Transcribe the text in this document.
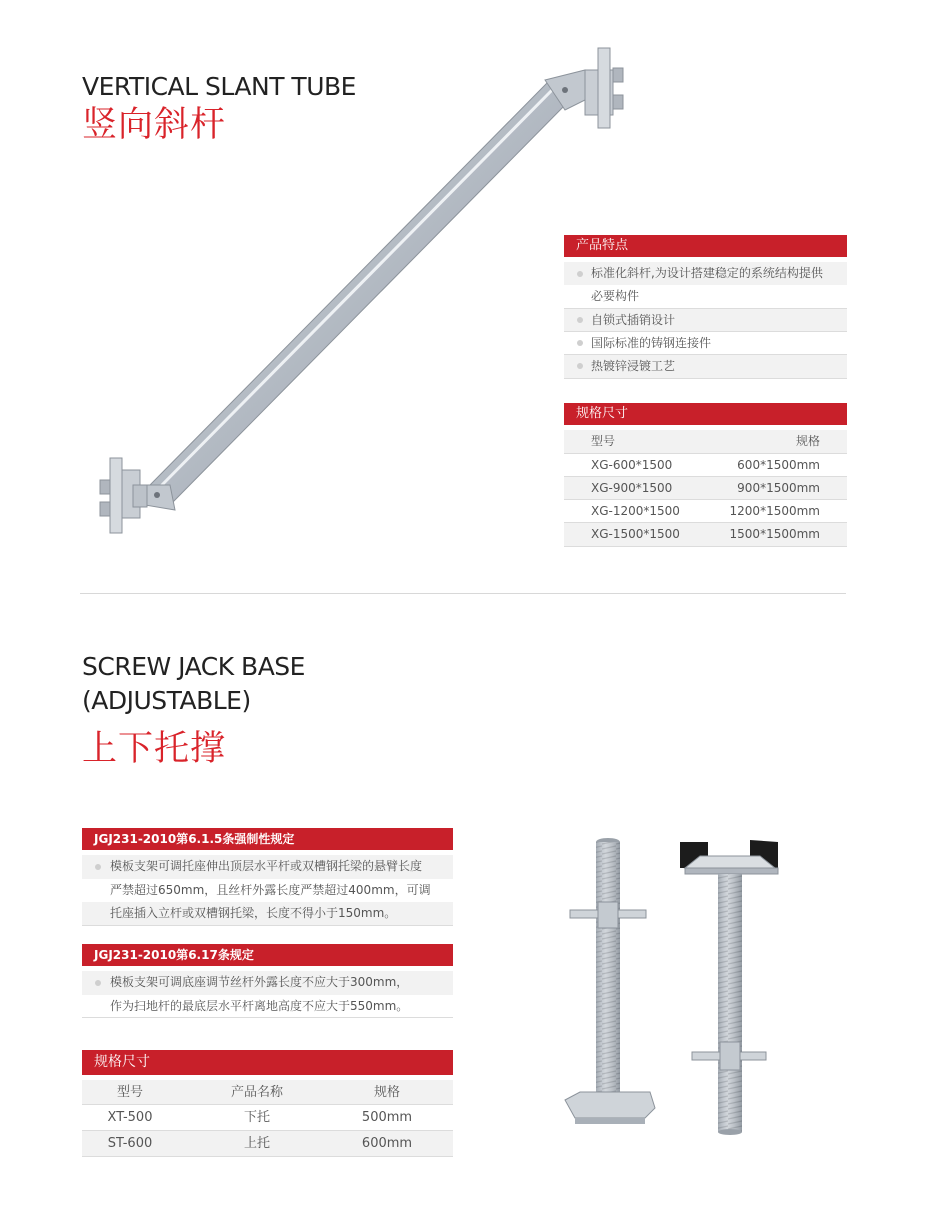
VERTICAL SLANT TUBE
竖向斜杆
产品特点
标准化斜杆,为设计搭建稳定的系统结构提供
必要构件
自锁式插销设计
国际标准的铸钢连接件
热镀锌浸镀工艺
规格尺寸
型号	规格
XG-600*1500	600*1500mm
XG-900*1500	900*1500mm
XG-1200*1500	1200*1500mm
XG-1500*1500	1500*1500mm
SCREW JACK BASE
(ADJUSTABLE)
上下托撑
JGJ231-2010第6.1.5条强制性规定
模板支架可调托座伸出顶层水平杆或双槽钢托梁的悬臂长度
严禁超过650mm，且丝杆外露长度严禁超过400mm，可调
托座插入立杆或双槽钢托梁，长度不得小于150mm。
JGJ231-2010第6.17条规定
模板支架可调底座调节丝杆外露长度不应大于300mm，
作为扫地杆的最底层水平杆离地高度不应大于550mm。
规格尺寸
型号	产品名称	规格
XT-500	下托	500mm
ST-600	上托	600mm
